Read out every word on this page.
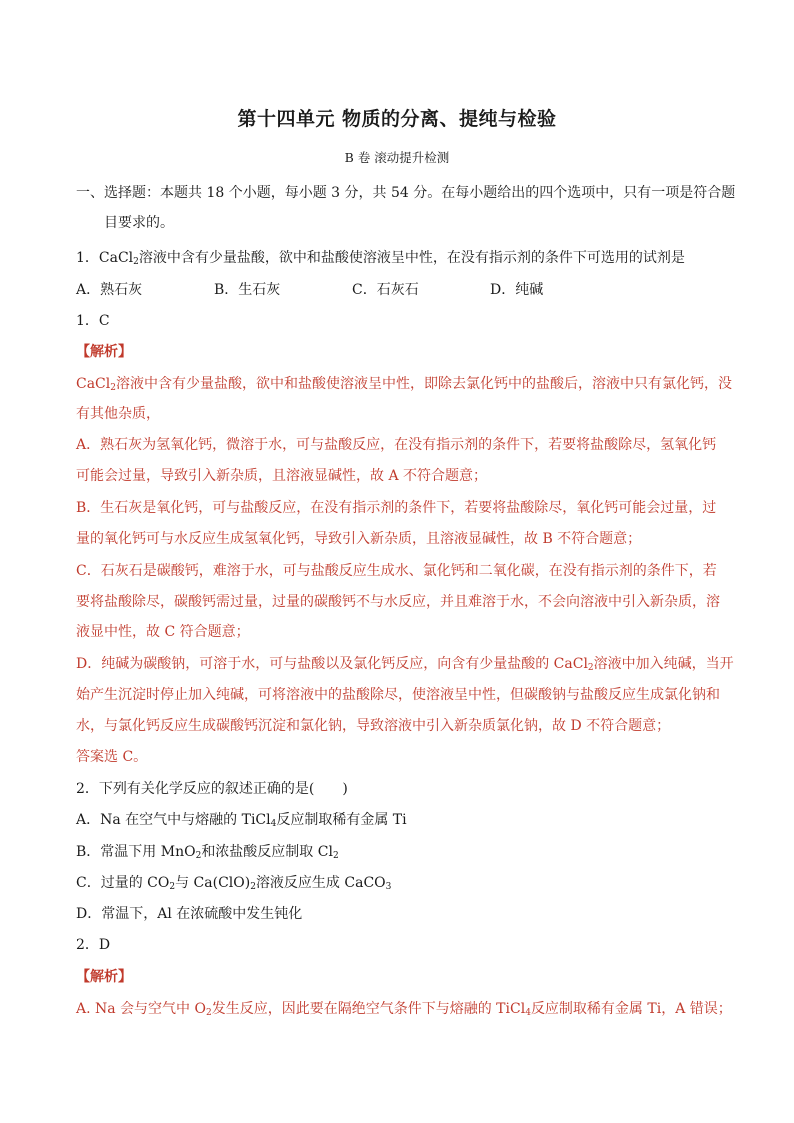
第十四单元 物质的分离、提纯与检验
B 卷 滚动提升检测
一、选择题：本题共 18 个小题，每小题 3 分，共 54 分。在每小题给出的四个选项中，只有一项是符合题
目要求的。
1．CaCl$_2$溶液中含有少量盐酸，欲中和盐酸使溶液呈中性，在没有指示剂的条件下可选用的试剂是
A．熟石灰	B．生石灰	C．石灰石	D．纯碱
1．C
【解析】
CaCl$_2$溶液中含有少量盐酸，欲中和盐酸使溶液呈中性，即除去氯化钙中的盐酸后，溶液中只有氯化钙，没
有其他杂质，
A．熟石灰为氢氧化钙，微溶于水，可与盐酸反应，在没有指示剂的条件下，若要将盐酸除尽，氢氧化钙
可能会过量，导致引入新杂质，且溶液显碱性，故 A 不符合题意；
B．生石灰是氧化钙，可与盐酸反应，在没有指示剂的条件下，若要将盐酸除尽，氧化钙可能会过量，过
量的氧化钙可与水反应生成氢氧化钙，导致引入新杂质，且溶液显碱性，故 B 不符合题意；
C．石灰石是碳酸钙，难溶于水，可与盐酸反应生成水、氯化钙和二氧化碳，在没有指示剂的条件下，若
要将盐酸除尽，碳酸钙需过量，过量的碳酸钙不与水反应，并且难溶于水，不会向溶液中引入新杂质，溶
液显中性，故 C 符合题意；
D．纯碱为碳酸钠，可溶于水，可与盐酸以及氯化钙反应，向含有少量盐酸的 CaCl$_2$溶液中加入纯碱，当开
始产生沉淀时停止加入纯碱，可将溶液中的盐酸除尽，使溶液呈中性，但碳酸钠与盐酸反应生成氯化钠和
水，与氯化钙反应生成碳酸钙沉淀和氯化钠，导致溶液中引入新杂质氯化钠，故 D 不符合题意；
答案选 C。
2．下列有关化学反应的叙述正确的是(　　)
A．Na 在空气中与熔融的 TiCl$_4$反应制取稀有金属 Ti
B．常温下用 MnO$_2$和浓盐酸反应制取 $Cl_2$
C．过量的 $CO_2$与 $Ca(ClO)_2$溶液反应生成 CaCO$_3$
D．常温下，Al 在浓硫酸中发生钝化
2．D
【解析】
A. Na 会与空气中 $O_2$发生反应，因此要在隔绝空气条件下与熔融的 TiCl$_4$反应制取稀有金属 Ti，A 错误；
